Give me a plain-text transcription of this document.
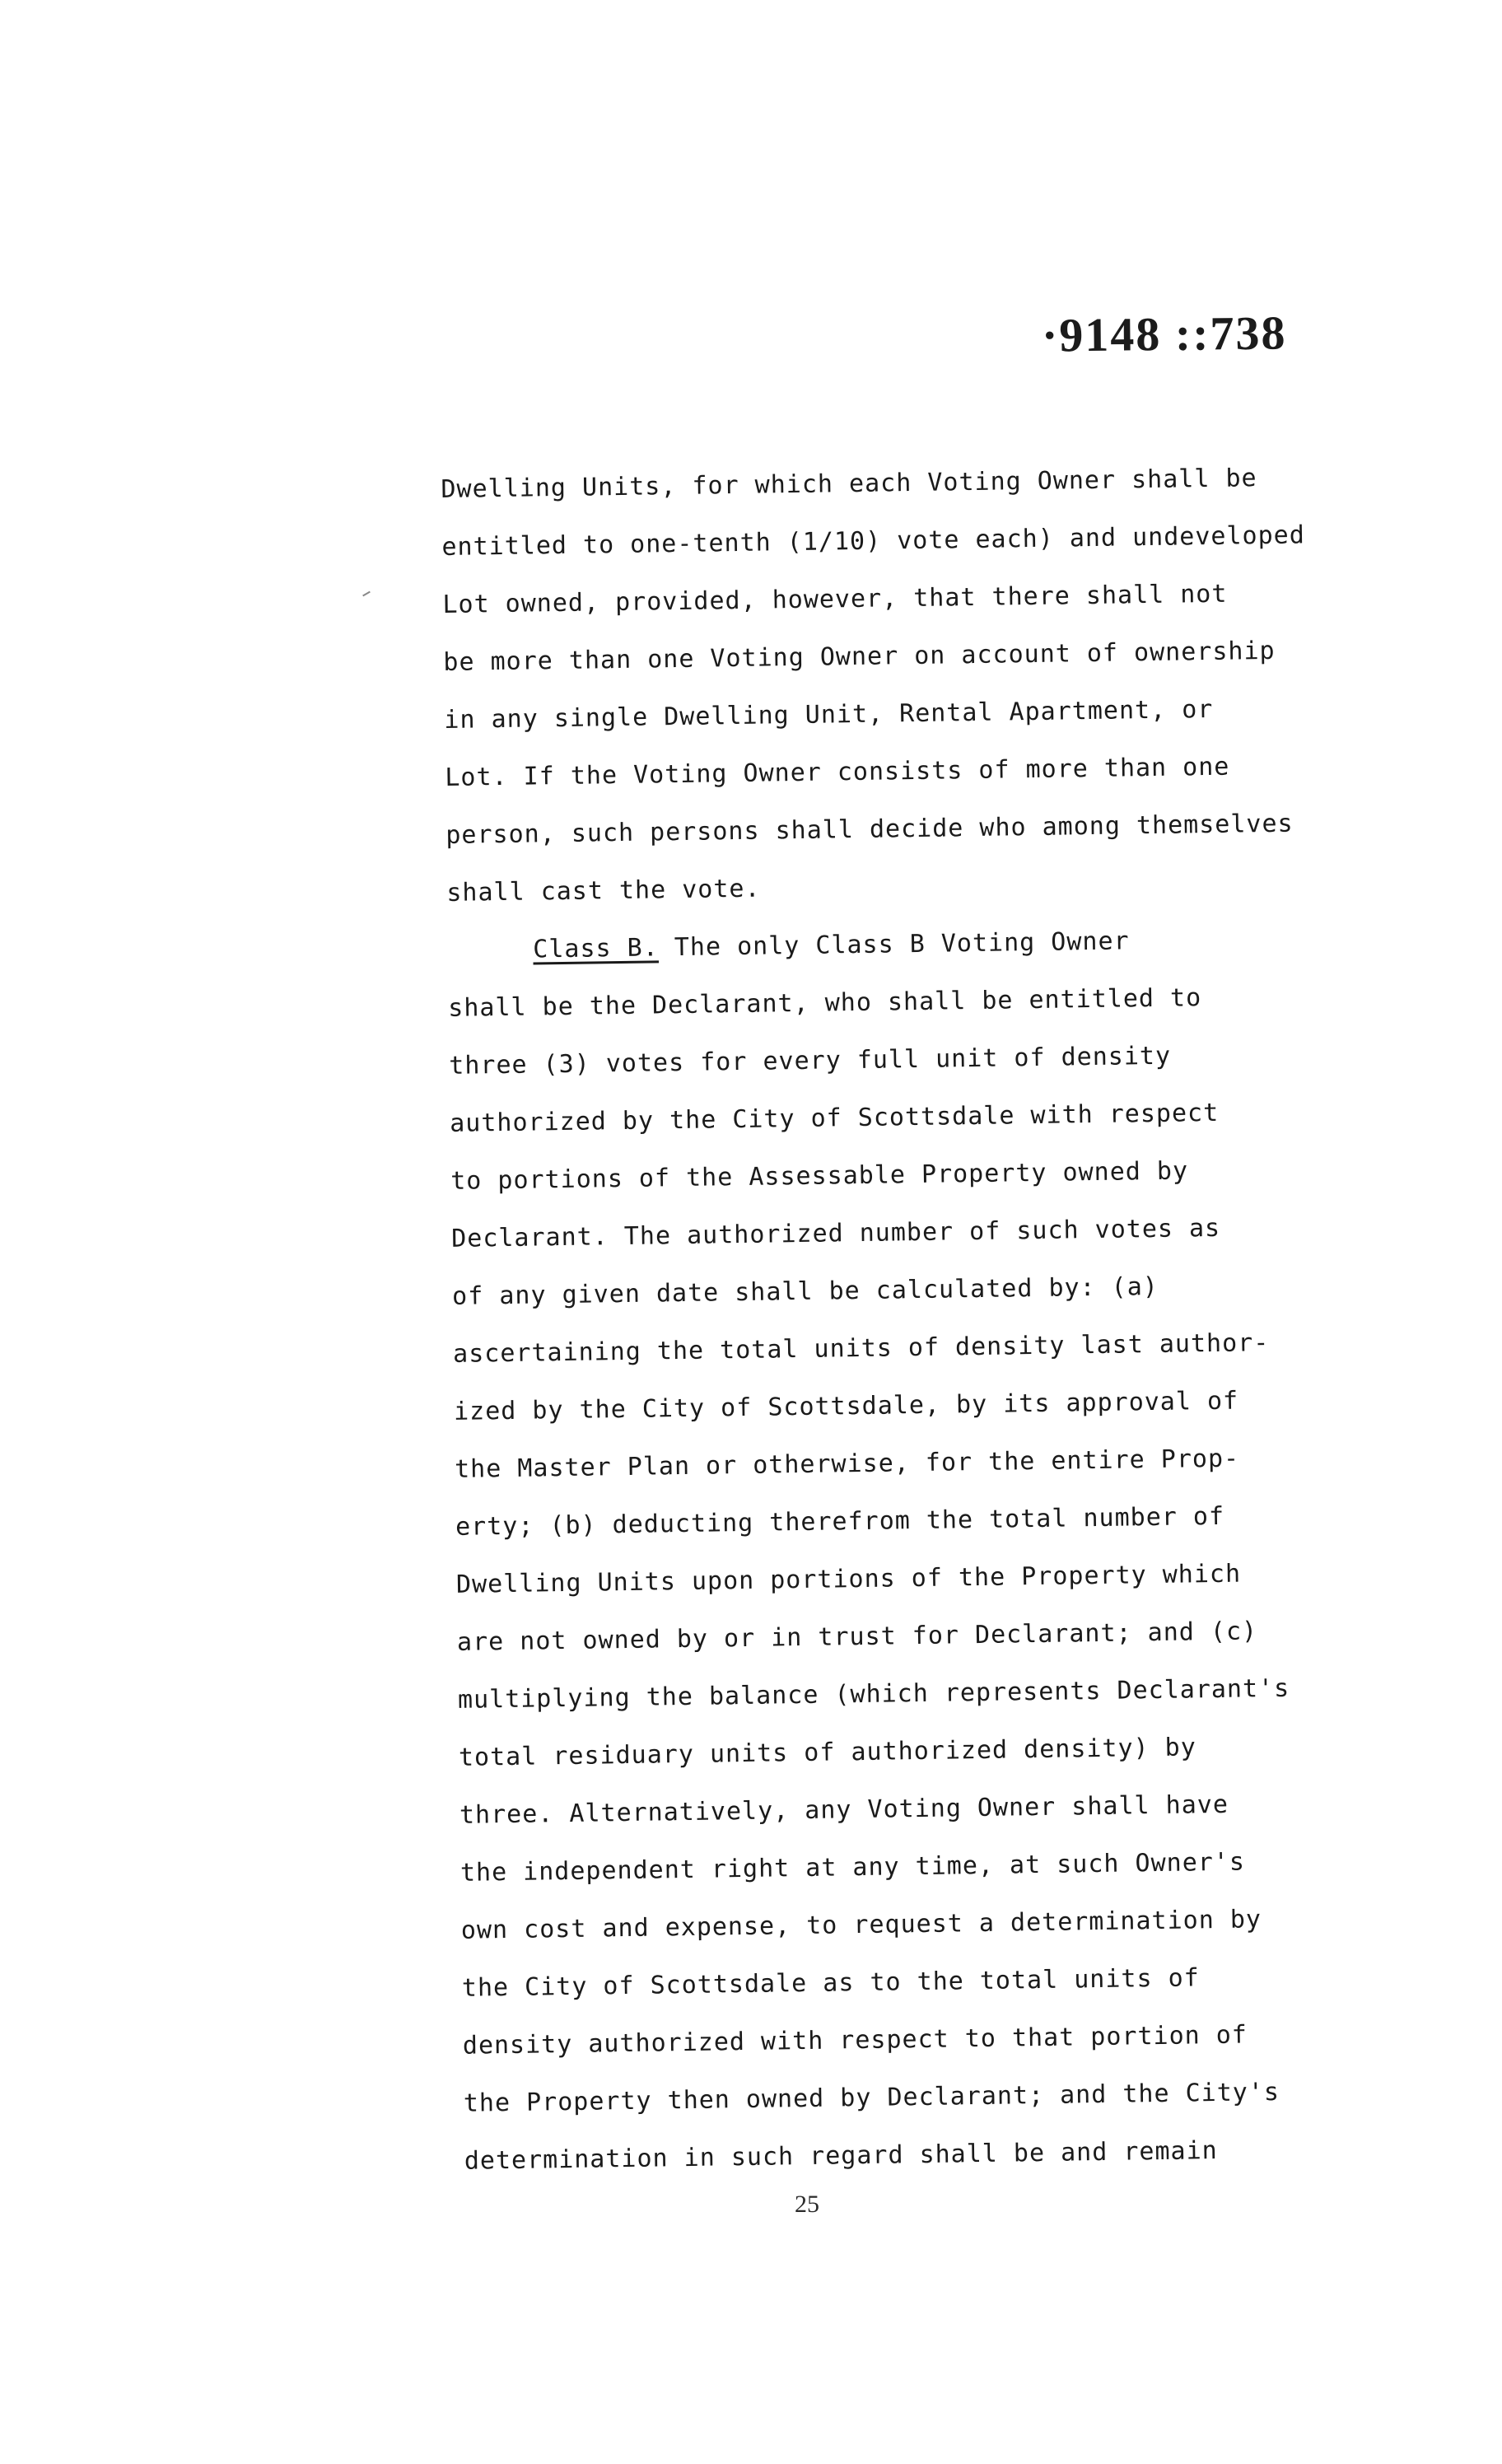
·9148 ::738
Dwelling Units, for which each Voting Owner shall be
entitled to one-tenth (1/10) vote each) and undeveloped
Lot owned, provided, however, that there shall not
be more than one Voting Owner on account of ownership
in any single Dwelling Unit, Rental Apartment, or
Lot. If the Voting Owner consists of more than one
person, such persons shall decide who among themselves
shall cast the vote.
Class B. The only Class B Voting Owner
shall be the Declarant, who shall be entitled to
three (3) votes for every full unit of density
authorized by the City of Scottsdale with respect
to portions of the Assessable Property owned by
Declarant. The authorized number of such votes as
of any given date shall be calculated by: (a)
ascertaining the total units of density last author-
ized by the City of Scottsdale, by its approval of
the Master Plan or otherwise, for the entire Prop-
erty; (b) deducting therefrom the total number of
Dwelling Units upon portions of the Property which
are not owned by or in trust for Declarant; and (c)
multiplying the balance (which represents Declarant's
total residuary units of authorized density) by
three. Alternatively, any Voting Owner shall have
the independent right at any time, at such Owner's
own cost and expense, to request a determination by
the City of Scottsdale as to the total units of
density authorized with respect to that portion of
the Property then owned by Declarant; and the City's
determination in such regard shall be and remain
25
